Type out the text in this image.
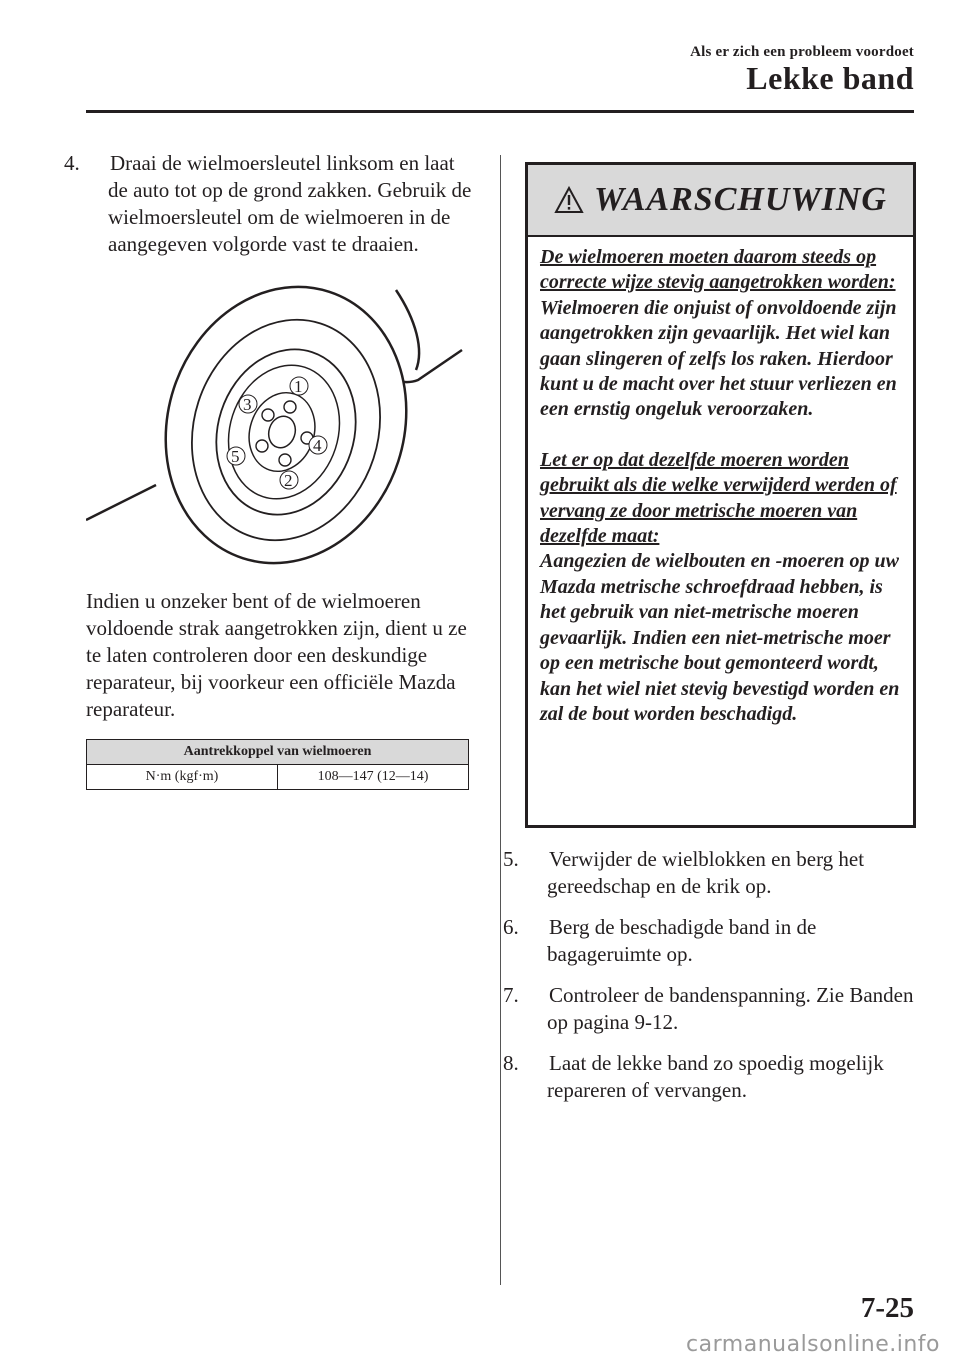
Als er zich een probleem voordoet
Lekke band
4. Draai de wielmoersleutel linksom en laat de auto tot op de grond zakken. Gebruik de wielmoersleutel om de wielmoeren in de aangegeven volgorde vast te draaien.
1
2
3
4
5
Indien u onzeker bent of de wielmoeren voldoende strak aangetrokken zijn, dient u ze te laten controleren door een deskundige reparateur, bij voorkeur een officiële Mazda reparateur.
Aantrekkoppel van wielmoeren
N·m (kgf·m)	108—147 (12—14)
WAARSCHUWING
De wielmoeren moeten daarom steeds op correcte wijze stevig aangetrokken worden:
Wielmoeren die onjuist of onvoldoende zijn aangetrokken zijn gevaarlijk. Het wiel kan gaan slingeren of zelfs los raken. Hierdoor kunt u de macht over het stuur verliezen en een ernstig ongeluk veroorzaken.
Let er op dat dezelfde moeren worden gebruikt als die welke verwijderd werden of vervang ze door metrische moeren van dezelfde maat:
Aangezien de wielbouten en -moeren op uw Mazda metrische schroefdraad hebben, is het gebruik van niet-metrische moeren gevaarlijk. Indien een niet-metrische moer op een metrische bout gemonteerd wordt, kan het wiel niet stevig bevestigd worden en zal de bout worden beschadigd.
5. Verwijder de wielblokken en berg het gereedschap en de krik op.
6. Berg de beschadigde band in de bagageruimte op.
7. Controleer de bandenspanning. Zie Banden op pagina 9-12.
8. Laat de lekke band zo spoedig mogelijk repareren of vervangen.
7-25
carmanualsonline.info
